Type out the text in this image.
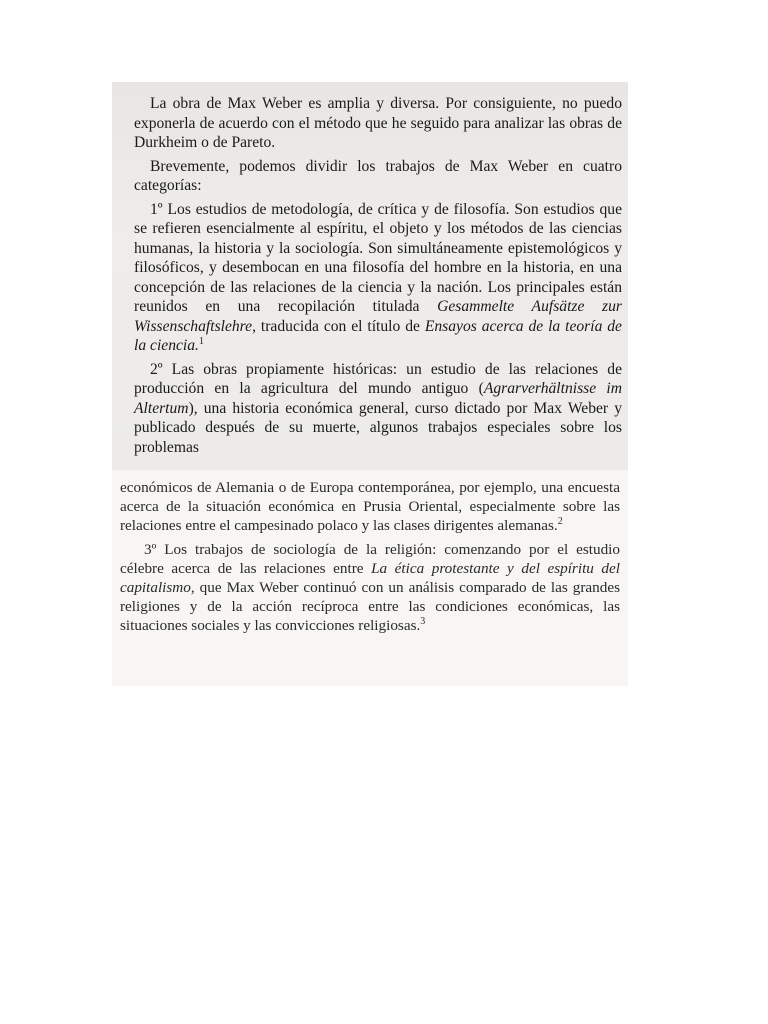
La obra de Max Weber es amplia y diversa. Por consiguiente, no puedo exponerla de acuerdo con el método que he seguido para analizar las obras de Durkheim o de Pareto.

Brevemente, podemos dividir los trabajos de Max Weber en cuatro categorías:

1º Los estudios de metodología, de crítica y de filosofía. Son estudios que se refieren esencialmente al espíritu, el objeto y los métodos de las ciencias humanas, la historia y la sociología. Son simultáneamente epistemológicos y filosóficos, y desembocan en una filosofía del hombre en la historia, en una concepción de las relaciones de la ciencia y la nación. Los principales están reunidos en una recopilación titulada Gesammelte Aufsätze zur Wissenschaftslehre, traducida con el título de Ensayos acerca de la teoría de la ciencia.$^1$

2º Las obras propiamente históricas: un estudio de las relaciones de producción en la agricultura del mundo antiguo (Agrarverhältnisse im Altertum), una historia económica general, curso dictado por Max Weber y publicado después de su muerte, algunos trabajos especiales sobre los problemas

económicos de Alemania o de Europa contemporánea, por ejemplo, una encuesta acerca de la situación económica en Prusia Oriental, especialmente sobre las relaciones entre el campesinado polaco y las clases dirigentes alemanas.$^2$

3º Los trabajos de sociología de la religión: comenzando por el estudio célebre acerca de las relaciones entre La ética protestante y del espíritu del capitalismo, que Max Weber continuó con un análisis comparado de las grandes religiones y de la acción recíproca entre las condiciones económicas, las situaciones sociales y las convicciones religiosas.$^3$
